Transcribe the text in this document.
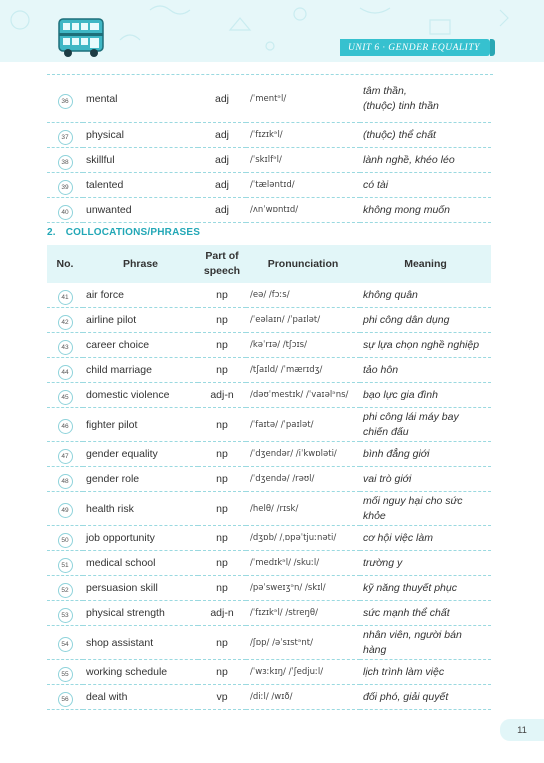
UNIT 6 · GENDER EQUALITY
36	mental	adj	/ˈmentᵊl/	tâm thần,
(thuộc) tinh thần

37	physical	adj	/ˈfɪzɪkᵊl/	(thuộc) thể chất
38	skillful	adj	/ˈskɪlfᵊl/	lành nghề, khéo léo
39	talented	adj	/ˈtæləntɪd/	có tài
40	unwanted	adj	/ʌnˈwɒntɪd/	không mong muốn
2. COLLOCATIONS/PHRASES
No.	Phrase	Part of
speech	Pronunciation	Meaning
41	air force	np	/eə/ /fɔːs/	không quân
42	airline pilot	np	/ˈeəlaɪn/ /ˈpaɪlət/	phi công dân dụng
43	career choice	np	/kəˈrɪə/ /tʃɔɪs/	sự lựa chọn nghề nghiệp
44	child marriage	np	/tʃaɪld/ /ˈmærɪdʒ/	tảo hôn
45	domestic violence	adj-n	/dəʊˈmestɪk/ /ˈvaɪəlᵊns/	bạo lực gia đình
46	fighter pilot	np	/ˈfaɪtə/ /ˈpaɪlət/	phi công lái máy bay
chiến đấu

47	gender equality	np	/ˈdʒendər/ /iˈkwɒləti/	bình đẳng giới
48	gender role	np	/ˈdʒendə/ /rəʊl/	vai trò giới
49	health risk	np	/helθ/ /rɪsk/	mối nguy hại cho sức
khỏe

50	job opportunity	np	/dʒɒb/ /ˌɒpəˈtjuːnəti/	cơ hội việc làm
51	medical school	np	/ˈmedɪkᵊl/ /skuːl/	trường y
52	persuasion skill	np	/pəˈsweɪʒᵊn/ /skɪl/	kỹ năng thuyết phục
53	physical strength	adj-n	/ˈfɪzɪkᵊl/ /streŋθ/	sức mạnh thể chất
54	shop assistant	np	/ʃɒp/ /əˈsɪstᵊnt/	nhân viên, người bán
hàng

55	working schedule	np	/ˈwɜːkɪŋ/ /ˈʃedjuːl/	lịch trình làm việc
56	deal with	vp	/diːl/ /wɪð/	đối phó, giải quyết
11
